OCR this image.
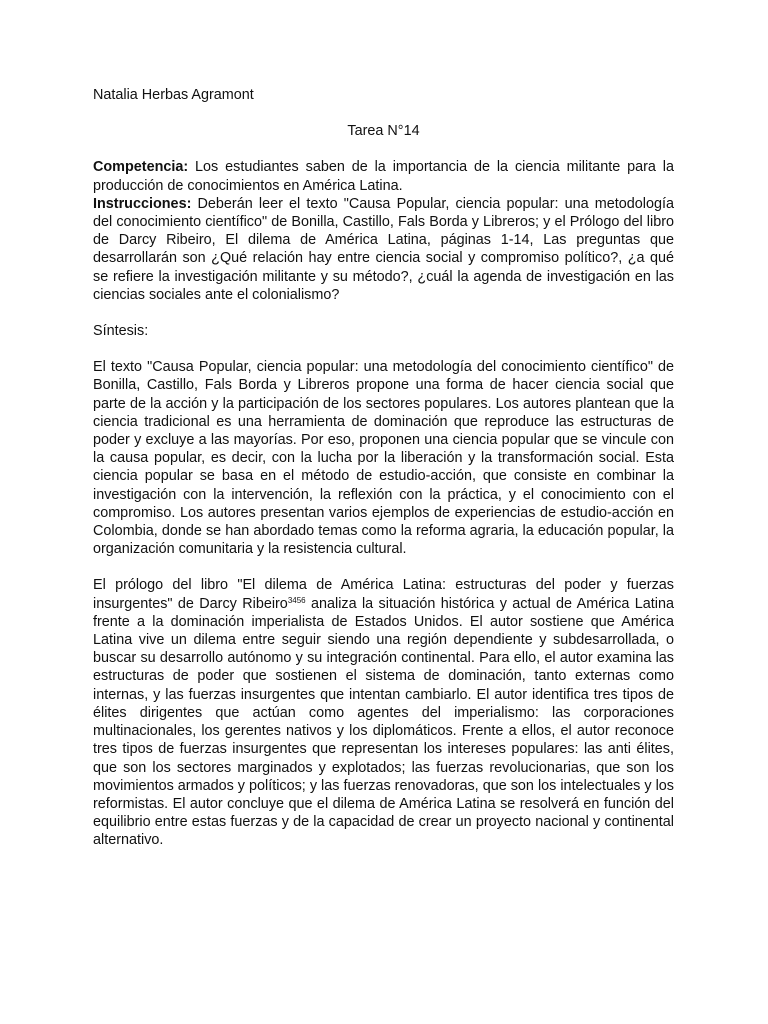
Natalia Herbas Agramont

Tarea N°14

Competencia: Los estudiantes saben de la importancia de la ciencia militante para la producción de conocimientos en América Latina.

Instrucciones: Deberán leer el texto "Causa Popular, ciencia popular: una metodología del conocimiento científico" de Bonilla, Castillo, Fals Borda y Libreros; y el Prólogo del libro de Darcy Ribeiro, El dilema de América Latina, páginas 1-14, Las preguntas que desarrollarán son ¿Qué relación hay entre ciencia social y compromiso político?, ¿a qué se refiere la investigación militante y su método?, ¿cuál la agenda de investigación en las ciencias sociales ante el colonialismo?

Síntesis:

El texto "Causa Popular, ciencia popular: una metodología del conocimiento científico" de Bonilla, Castillo, Fals Borda y Libreros propone una forma de hacer ciencia social que parte de la acción y la participación de los sectores populares. Los autores plantean que la ciencia tradicional es una herramienta de dominación que reproduce las estructuras de poder y excluye a las mayorías. Por eso, proponen una ciencia popular que se vincule con la causa popular, es decir, con la lucha por la liberación y la transformación social. Esta ciencia popular se basa en el método de estudio-acción, que consiste en combinar la investigación con la intervención, la reflexión con la práctica, y el conocimiento con el compromiso. Los autores presentan varios ejemplos de experiencias de estudio-acción en Colombia, donde se han abordado temas como la reforma agraria, la educación popular, la organización comunitaria y la resistencia cultural.

El prólogo del libro "El dilema de América Latina: estructuras del poder y fuerzas insurgentes" de Darcy Ribeiro$^{3456}$ analiza la situación histórica y actual de América Latina frente a la dominación imperialista de Estados Unidos. El autor sostiene que América Latina vive un dilema entre seguir siendo una región dependiente y subdesarrollada, o buscar su desarrollo autónomo y su integración continental. Para ello, el autor examina las estructuras de poder que sostienen el sistema de dominación, tanto externas como internas, y las fuerzas insurgentes que intentan cambiarlo. El autor identifica tres tipos de élites dirigentes que actúan como agentes del imperialismo: las corporaciones multinacionales, los gerentes nativos y los diplomáticos. Frente a ellos, el autor reconoce tres tipos de fuerzas insurgentes que representan los intereses populares: las anti élites, que son los sectores marginados y explotados; las fuerzas revolucionarias, que son los movimientos armados y políticos; y las fuerzas renovadoras, que son los intelectuales y los reformistas. El autor concluye que el dilema de América Latina se resolverá en función del equilibrio entre estas fuerzas y de la capacidad de crear un proyecto nacional y continental alternativo.
